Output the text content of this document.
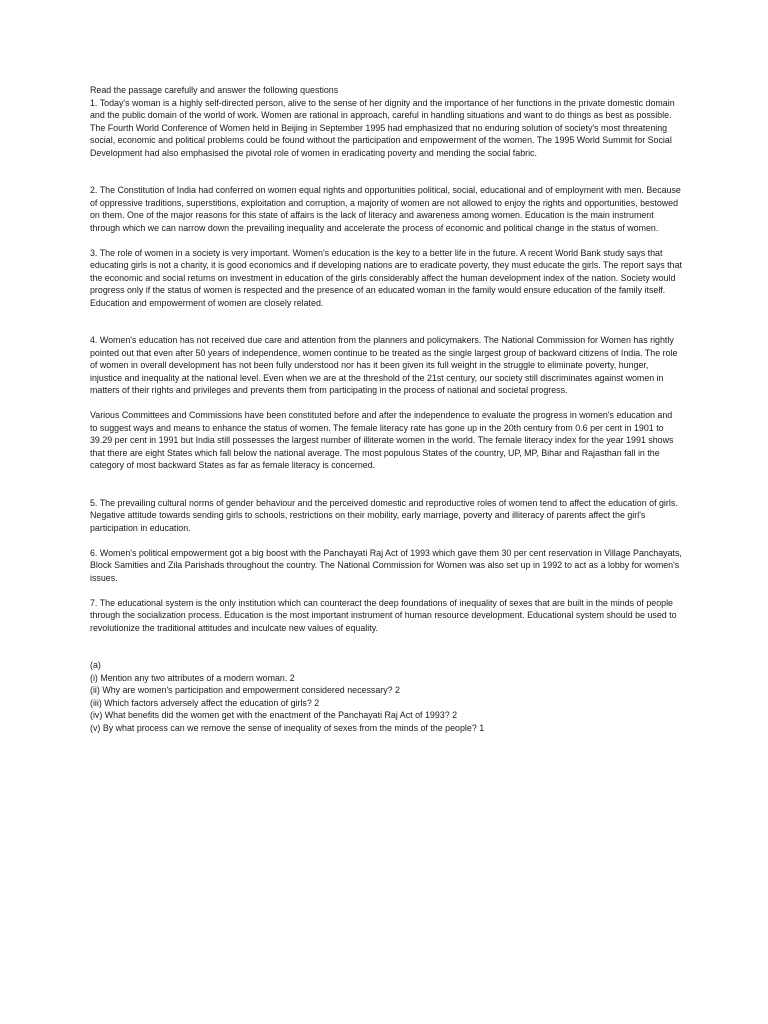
Read the passage carefully and answer the following questions

1. Today's woman is a highly self-directed person, alive to the sense of her dignity and the importance of her functions in the private domestic domain and the public domain of the world of work. Women are rational in approach, careful in handling situations and want to do things as best as possible. The Fourth World Conference of Women held in Beijing in September 1995 had emphasized that no enduring solution of society's most threatening social, economic and political problems could be found without the participation and empowerment of the women. The 1995 World Summit for Social Development had also emphasised the pivotal role of women in eradicating poverty and mending the social fabric.

2. The Constitution of India had conferred on women equal rights and opportunities political, social, educational and of employment with men. Because of oppressive traditions, superstitions, exploitation and corruption, a majority of women are not allowed to enjoy the rights and opportunities, bestowed on them. One of the major reasons for this state of affairs is the lack of literacy and awareness among women. Education is the main instrument through which we can narrow down the prevailing inequality and accelerate the process of economic and political change in the status of women.

3. The role of women in a society is very important. Women's education is the key to a better life in the future. A recent World Bank study says that educating girls is not a charity, it is good economics and if developing nations are to eradicate poverty, they must educate the girls. The report says that the economic and social returns on investment in education of the girls considerably affect the human development index of the nation. Society would progress only if the status of women is respected and the presence of an educated woman in the family would ensure education of the family itself. Education and empowerment of women are closely related.

4. Women's education has not received due care and attention from the planners and policymakers. The National Commission for Women has rightly pointed out that even after 50 years of independence, women continue to be treated as the single largest group of backward citizens of India. The role of women in overall development has not been fully understood nor has it been given its full weight in the struggle to eliminate poverty, hunger, injustice and inequality at the national level. Even when we are at the threshold of the 21st century, our society still discriminates against women in matters of their rights and privileges and prevents them from participating in the process of national and societal progress.

Various Committees and Commissions have been constituted before and after the independence to evaluate the progress in women's education and to suggest ways and means to enhance the status of women. The female literacy rate has gone up in the 20th century from 0.6 per cent in 1901 to 39.29 per cent in 1991 but India still possesses the largest number of illiterate women in the world. The female literacy index for the year 1991 shows that there are eight States which fall below the national average. The most populous States of the country, UP, MP, Bihar and Rajasthan fall in the category of most backward States as far as female literacy is concerned.

5. The prevailing cultural norms of gender behaviour and the perceived domestic and reproductive roles of women tend to affect the education of girls. Negative attitude towards sending girls to schools, restrictions on their mobility, early marriage, poverty and illiteracy of parents affect the girl's participation in education.

6. Women's political empowerment got a big boost with the Panchayati Raj Act of 1993 which gave them 30 per cent reservation in Village Panchayats, Block Samities and Zila Parishads throughout the country. The National Commission for Women was also set up in 1992 to act as a lobby for women's issues.

7. The educational system is the only institution which can counteract the deep foundations of inequality of sexes that are built in the minds of people through the socialization process. Education is the most important instrument of human resource development. Educational system should be used to revolutionize the traditional attitudes and inculcate new values of equality.

(a)

(i) Mention any two attributes of a modern woman. 2

(ii) Why are women's participation and empowerment considered necessary? 2

(iii) Which factors adversely affect the education of girls? 2

(iv) What benefits did the women get with the enactment of the Panchayati Raj Act of 1993? 2

(v) By what process can we remove the sense of inequality of sexes from the minds of the people? 1
